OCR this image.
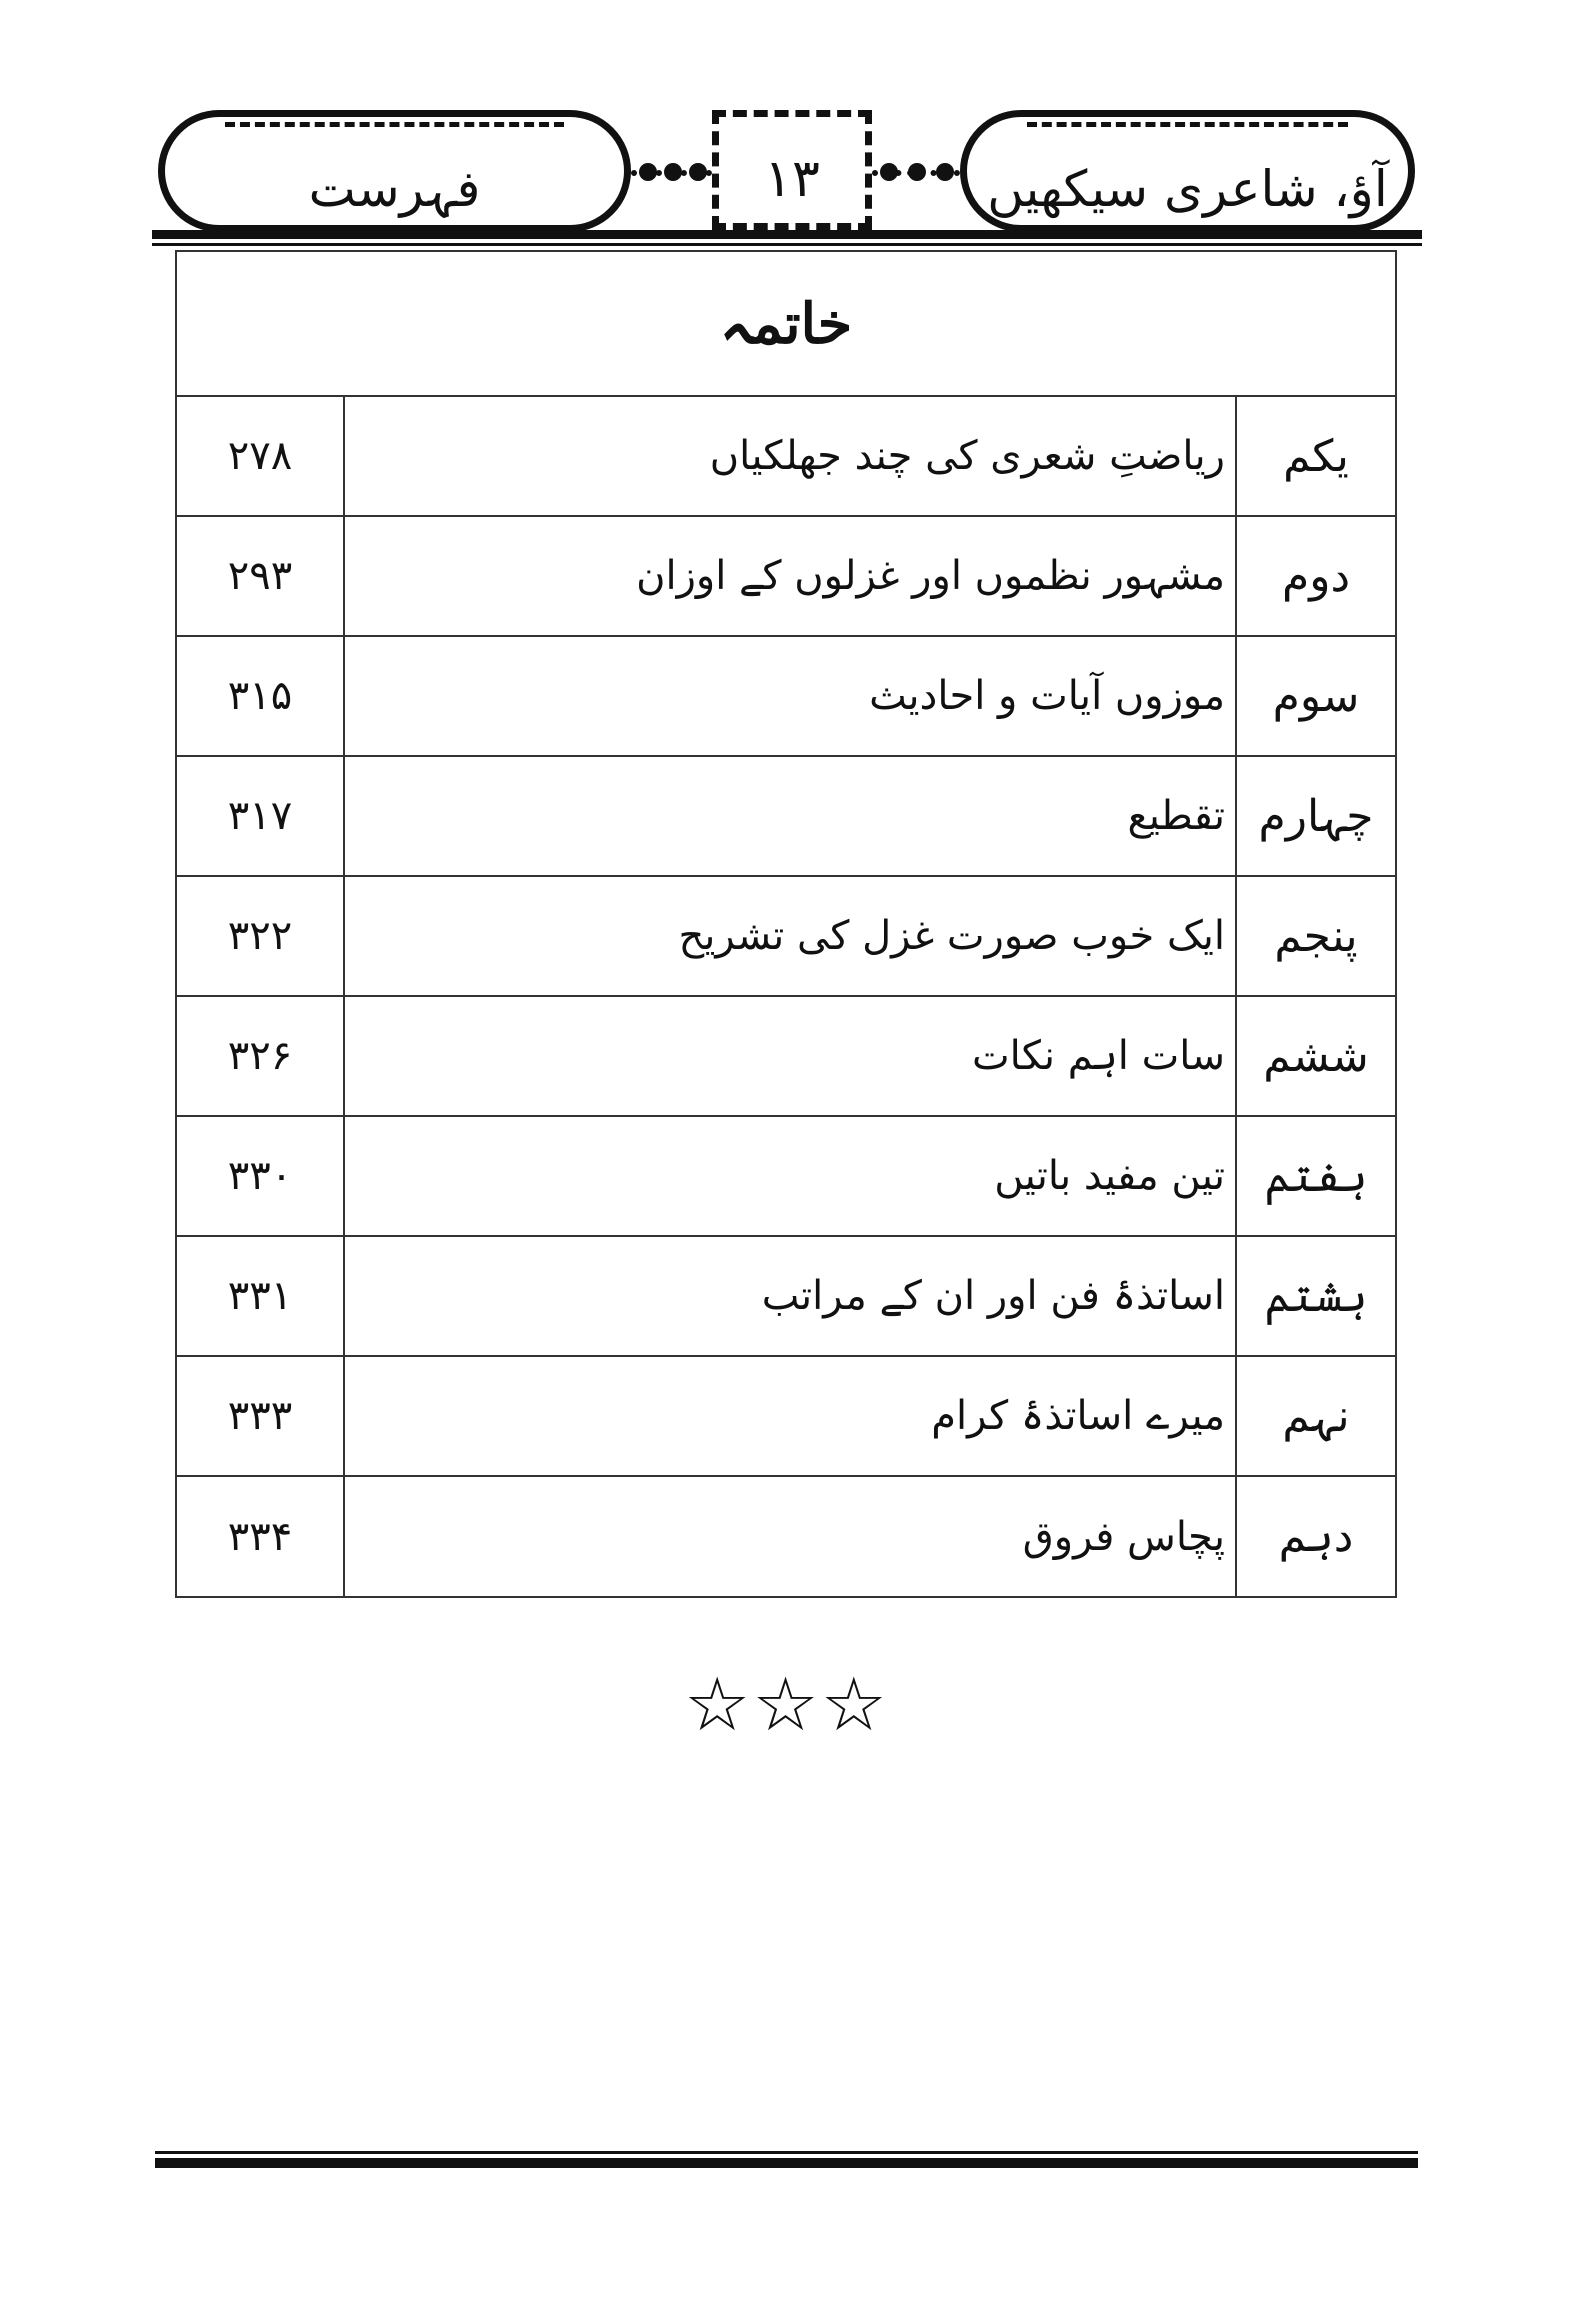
آؤ، شاعری سیکھیں
۱۳
فہرست
خاتمہ
یکم
ریاضتِ شعری کی چند جھلکیاں
۲۷۸
دوم
مشہور نظموں اور غزلوں کے اوزان
۲۹۳
سوم
موزوں آیات و احادیث
۳۱۵
چہارم
تقطیع
۳۱۷
پنجم
ایک خوب صورت غزل کی تشریح
۳۲۲
ششم
سات اہم نکات
۳۲۶
ہفتم
تین مفید باتیں
۳۳۰
ہشتم
اساتذۂ فن اور ان کے مراتب
۳۳۱
نہم
میرے اساتذۂ کرام
۳۳۳
دہم
پچاس فروق
۳۳۴
☆☆☆
